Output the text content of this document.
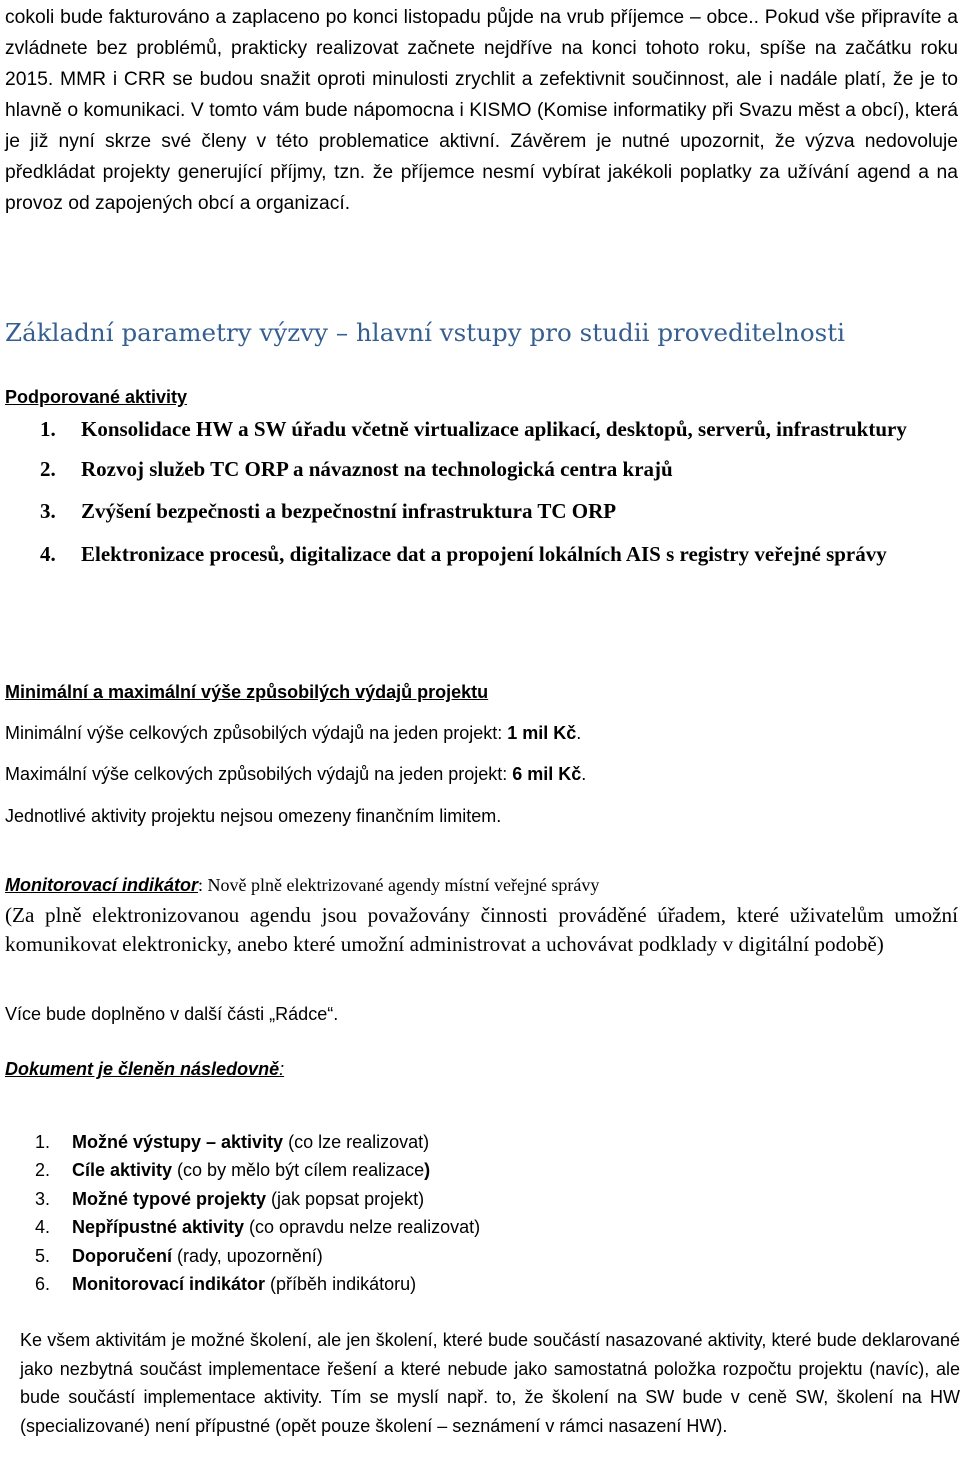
cokoli bude fakturováno a zaplaceno po konci listopadu půjde na vrub příjemce – obce.. Pokud vše připravíte a zvládnete bez problémů, prakticky realizovat začnete nejdříve na konci tohoto roku, spíše na začátku roku 2015. MMR i CRR se budou snažit oproti minulosti zrychlit a zefektivnit součinnost, ale i nadále platí, že je to hlavně o komunikaci. V tomto vám bude nápomocna i KISMO (Komise informatiky při Svazu měst a obcí), která je již nyní skrze své členy v této problematice aktivní. Závěrem je nutné upozornit, že výzva nedovoluje předkládat projekty generující příjmy, tzn. že příjemce nesmí vybírat jakékoli poplatky za užívání agend a na provoz od zapojených obcí a organizací.

Základní parametry výzvy – hlavní vstupy pro studii proveditelnosti
Podporované aktivity
1. Konsolidace HW a SW úřadu včetně virtualizace aplikací, desktopů, serverů, infrastruktury
2. Rozvoj služeb TC ORP a návaznost na technologická centra krajů
3. Zvýšení bezpečnosti a bezpečnostní infrastruktura TC ORP
4. Elektronizace procesů, digitalizace dat a propojení lokálních AIS s registry veřejné správy
Minimální a maximální výše způsobilých výdajů projektu

Minimální výše celkových způsobilých výdajů na jeden projekt: 1 mil Kč.

Maximální výše celkových způsobilých výdajů na jeden projekt: 6 mil Kč.

Jednotlivé aktivity projektu nejsou omezeny finančním limitem.

Monitorovací indikátor: Nově plně elektrizované agendy místní veřejné správy

(Za plně elektronizovanou agendu jsou považovány činnosti prováděné úřadem, které uživatelům umožní komunikovat elektronicky, anebo které umožní administrovat a uchovávat podklady v digitální podobě)

Více bude doplněno v další části „Rádce“.

Dokument je členěn následovně:
1. Možné výstupy – aktivity (co lze realizovat)
2. Cíle aktivity (co by mělo být cílem realizace)
3. Možné typové projekty (jak popsat projekt)
4. Nepřípustné aktivity (co opravdu nelze realizovat)
5. Doporučení (rady, upozornění)
6. Monitorovací indikátor (příběh indikátoru)

Ke všem aktivitám je možné školení, ale jen školení, které bude součástí nasazované aktivity, které bude deklarované jako nezbytná součást implementace řešení a které nebude jako samostatná položka rozpočtu projektu (navíc), ale bude součástí implementace aktivity. Tím se myslí např. to, že školení na SW bude v ceně SW, školení na HW (specializované) není přípustné (opět pouze školení – seznámení v rámci nasazení HW).
